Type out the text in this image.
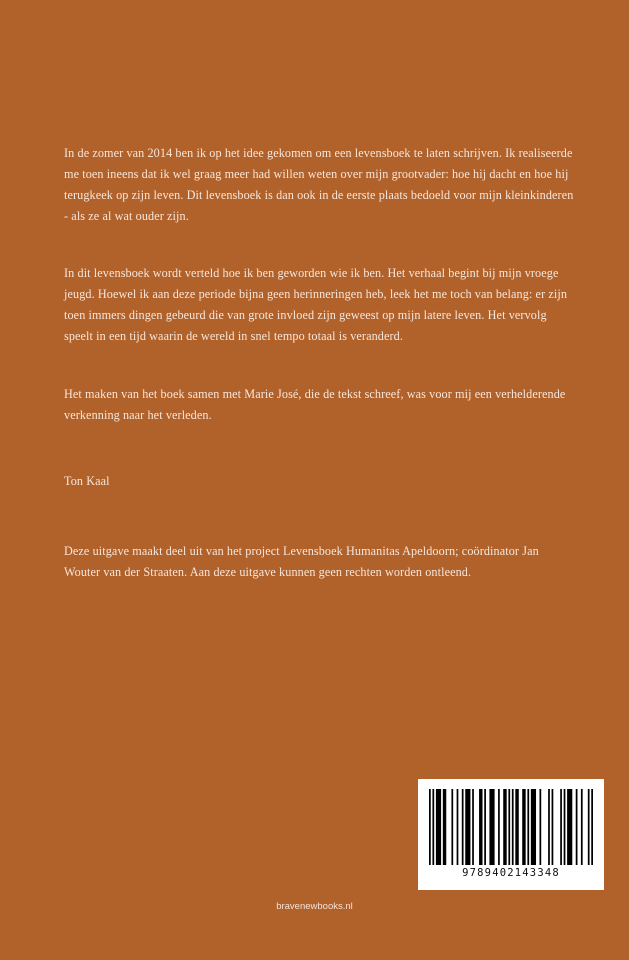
In de zomer van 2014 ben ik op het idee gekomen om een levensboek te laten schrijven. Ik realiseerde me toen ineens dat ik wel graag meer had willen weten over mijn grootvader: hoe hij dacht en hoe hij terugkeek op zijn leven. Dit levensboek is dan ook in de eerste plaats bedoeld voor mijn kleinkinderen - als ze al wat ouder zijn.
In dit levensboek wordt verteld hoe ik ben geworden wie ik ben. Het verhaal begint bij mijn vroege jeugd. Hoewel ik aan deze periode bijna geen herinneringen heb, leek het me toch van belang: er zijn toen immers dingen gebeurd die van grote invloed zijn geweest op mijn latere leven. Het vervolg speelt in een tijd waarin de wereld in snel tempo totaal is veranderd.
Het maken van het boek samen met Marie José, die de tekst schreef, was voor mij een verhelderende verkenning naar het verleden.
Ton Kaal
Deze uitgave maakt deel uit van het project Levensboek Humanitas Apeldoorn; coördinator Jan Wouter van der Straaten. Aan deze uitgave kunnen geen rechten worden ontleend.
9789402143348
bravenewbooks.nl
